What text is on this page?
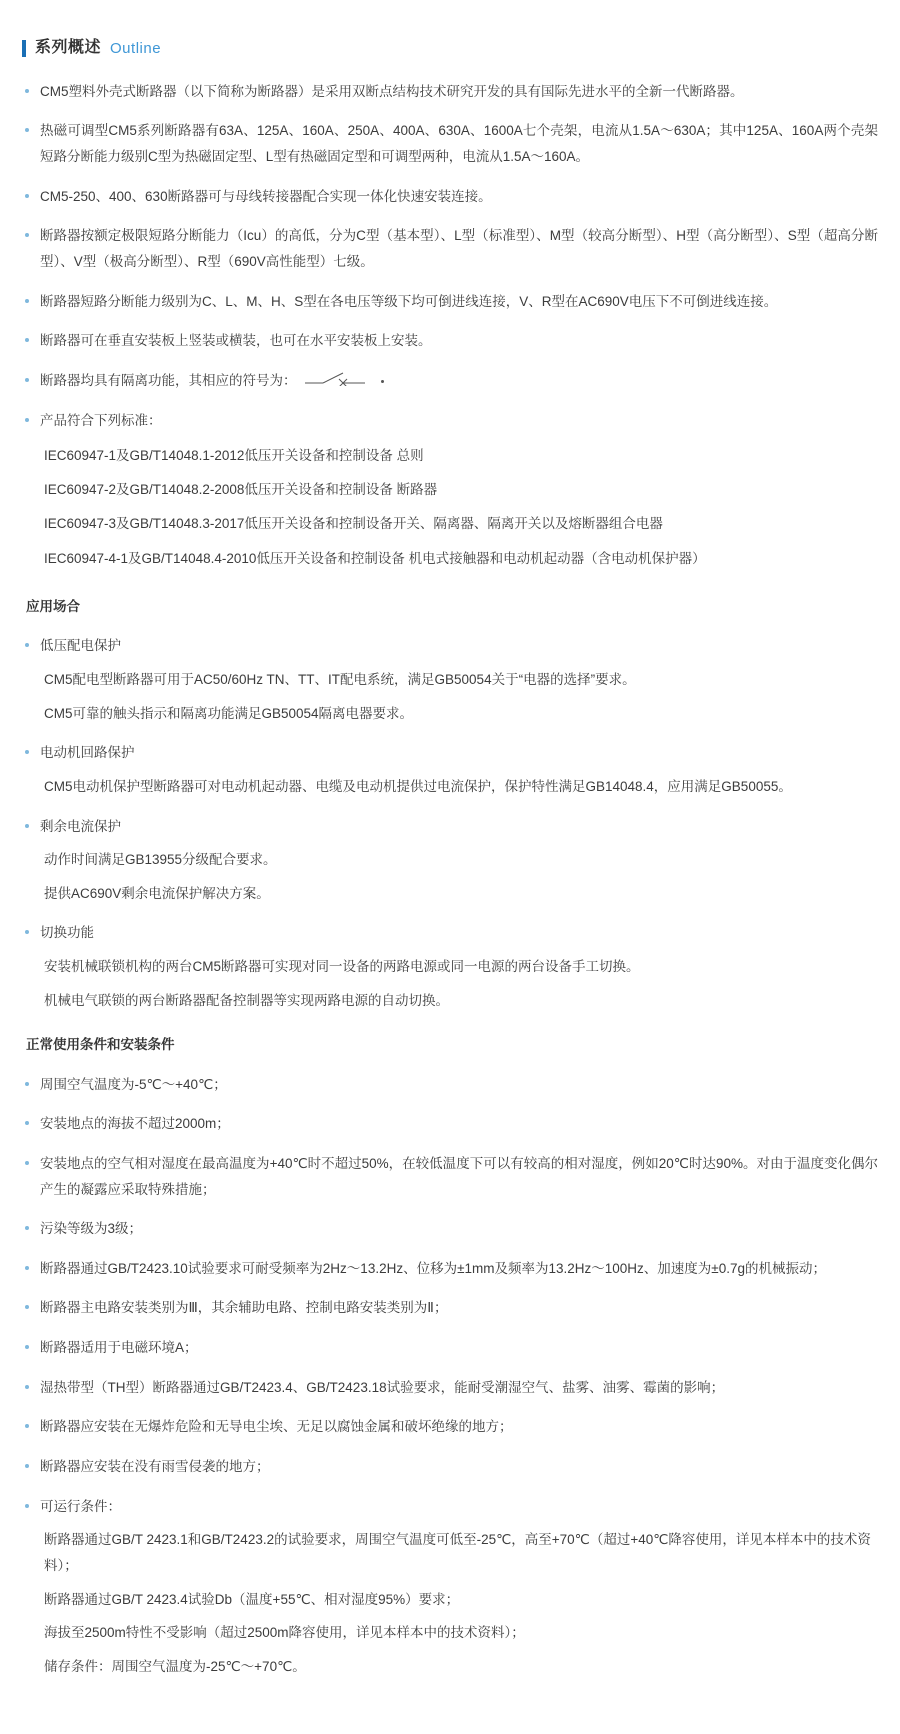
系列概述 Outline
CM5塑料外壳式断路器（以下简称为断路器）是采用双断点结构技术研究开发的具有国际先进水平的全新一代断路器。
热磁可调型CM5系列断路器有63A、125A、160A、250A、400A、630A、1600A七个壳架，电流从1.5A～630A；其中125A、160A两个壳架短路分断能力级别C型为热磁固定型、L型有热磁固定型和可调型两种，电流从1.5A～160A。
CM5-250、400、630断路器可与母线转接器配合实现一体化快速安装连接。
断路器按额定极限短路分断能力（Icu）的高低，分为C型（基本型）、L型（标准型）、M型（较高分断型）、H型（高分断型）、S型（超高分断型）、V型（极高分断型）、R型（690V高性能型）七级。
断路器短路分断能力级别为C、L、M、H、S型在各电压等级下均可倒进线连接，V、R型在AC690V电压下不可倒进线连接。
断路器可在垂直安装板上竖装或横装，也可在水平安装板上安装。
断路器均具有隔离功能，其相应的符号为：
产品符合下列标准：
IEC60947-1及GB/T14048.1-2012低压开关设备和控制设备 总则
IEC60947-2及GB/T14048.2-2008低压开关设备和控制设备 断路器
IEC60947-3及GB/T14048.3-2017低压开关设备和控制设备开关、隔离器、隔离开关以及熔断器组合电器
IEC60947-4-1及GB/T14048.4-2010低压开关设备和控制设备 机电式接触器和电动机起动器（含电动机保护器）
应用场合
低压配电保护
CM5配电型断路器可用于AC50/60Hz TN、TT、IT配电系统，满足GB50054关于“电器的选择”要求。
CM5可靠的触头指示和隔离功能满足GB50054隔离电器要求。
电动机回路保护
CM5电动机保护型断路器可对电动机起动器、电缆及电动机提供过电流保护，保护特性满足GB14048.4，应用满足GB50055。
剩余电流保护
动作时间满足GB13955分级配合要求。
提供AC690V剩余电流保护解决方案。
切换功能
安装机械联锁机构的两台CM5断路器可实现对同一设备的两路电源或同一电源的两台设备手工切换。
机械电气联锁的两台断路器配备控制器等实现两路电源的自动切换。
正常使用条件和安装条件
周围空气温度为-5℃～+40℃；
安装地点的海拔不超过2000m；
安装地点的空气相对湿度在最高温度为+40℃时不超过50%，在较低温度下可以有较高的相对湿度，例如20℃时达90%。对由于温度变化偶尔产生的凝露应采取特殊措施；
污染等级为3级；
断路器通过GB/T2423.10试验要求可耐受频率为2Hz～13.2Hz、位移为±1mm及频率为13.2Hz～100Hz、加速度为±0.7g的机械振动；
断路器主电路安装类别为Ⅲ，其余辅助电路、控制电路安装类别为Ⅱ；
断路器适用于电磁环境A；
湿热带型（TH型）断路器通过GB/T2423.4、GB/T2423.18试验要求，能耐受潮湿空气、盐雾、油雾、霉菌的影响；
断路器应安装在无爆炸危险和无导电尘埃、无足以腐蚀金属和破坏绝缘的地方；
断路器应安装在没有雨雪侵袭的地方；
可运行条件：
断路器通过GB/T 2423.1和GB/T2423.2的试验要求，周围空气温度可低至-25℃，高至+70℃（超过+40℃降容使用，详见本样本中的技术资料）；
断路器通过GB/T 2423.4试验Db（温度+55℃、相对湿度95%）要求；
海拔至2500m特性不受影响（超过2500m降容使用，详见本样本中的技术资料）；
储存条件：周围空气温度为-25℃～+70℃。
